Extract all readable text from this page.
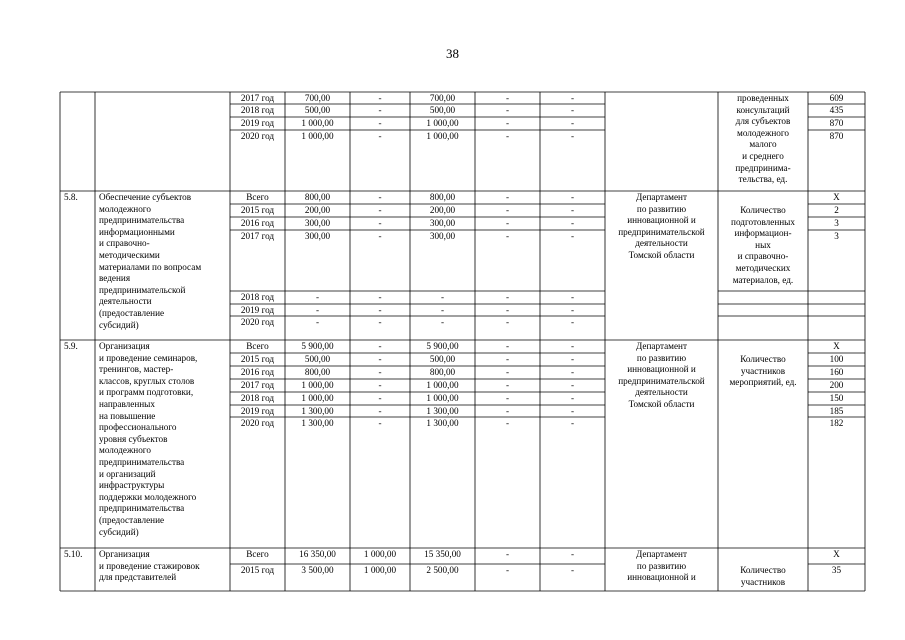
38
проведенных
консультаций
для субъектов
молодежного
малого
и среднего
предпринима-
тельства, ед.
2017 год	700,00	-	700,00	-	-	609
2018 год	500,00	-	500,00	-	-	435
2019 год	1 000,00	-	1 000,00	-	-	870
2020 год	1 000,00	-	1 000,00	-	-	870
5.8.	Обеспечение субъектов
молодежного
предпринимательства
информационными
и справочно-
методическими
материалами по вопросам
ведения
предпринимательской
деятельности
(предоставление
субсидий)
Департамент
по развитию
инновационной и
предпринимательской
деятельности
Томской области
Количество
подготовленных
информацион-
ных
и справочно-
методических
материалов, ед.
Всего	800,00	-	800,00	-	-	Х
2015 год	200,00	-	200,00	-	-	2
2016 год	300,00	-	300,00	-	-	3
2017 год	300,00	-	300,00	-	-	3
2018 год	-	-	-	-	-
2019 год	-	-	-	-	-
2020 год	-	-	-	-	-
5.9.	Организация
и проведение семинаров,
тренингов, мастер-
классов, круглых столов
и программ подготовки,
направленных
на повышение
профессионального
уровня субъектов
молодежного
предпринимательства
и организаций
инфраструктуры
поддержки молодежного
предпринимательства
(предоставление
субсидий)
Департамент
по развитию
инновационной и
предпринимательской
деятельности
Томской области
Количество
участников
мероприятий, ед.
Всего	5 900,00	-	5 900,00	-	-	Х
2015 год	500,00	-	500,00	-	-	100
2016 год	800,00	-	800,00	-	-	160
2017 год	1 000,00	-	1 000,00	-	-	200
2018 год	1 000,00	-	1 000,00	-	-	150
2019 год	1 300,00	-	1 300,00	-	-	185
2020 год	1 300,00	-	1 300,00	-	-	182
5.10.	Организация
и проведение стажировок
для представителей
Департамент
по развитию
инновационной и
Количество
участников
Всего	16 350,00	1 000,00	15 350,00	-	-	Х
2015 год	3 500,00	1 000,00	2 500,00	-	-	35
